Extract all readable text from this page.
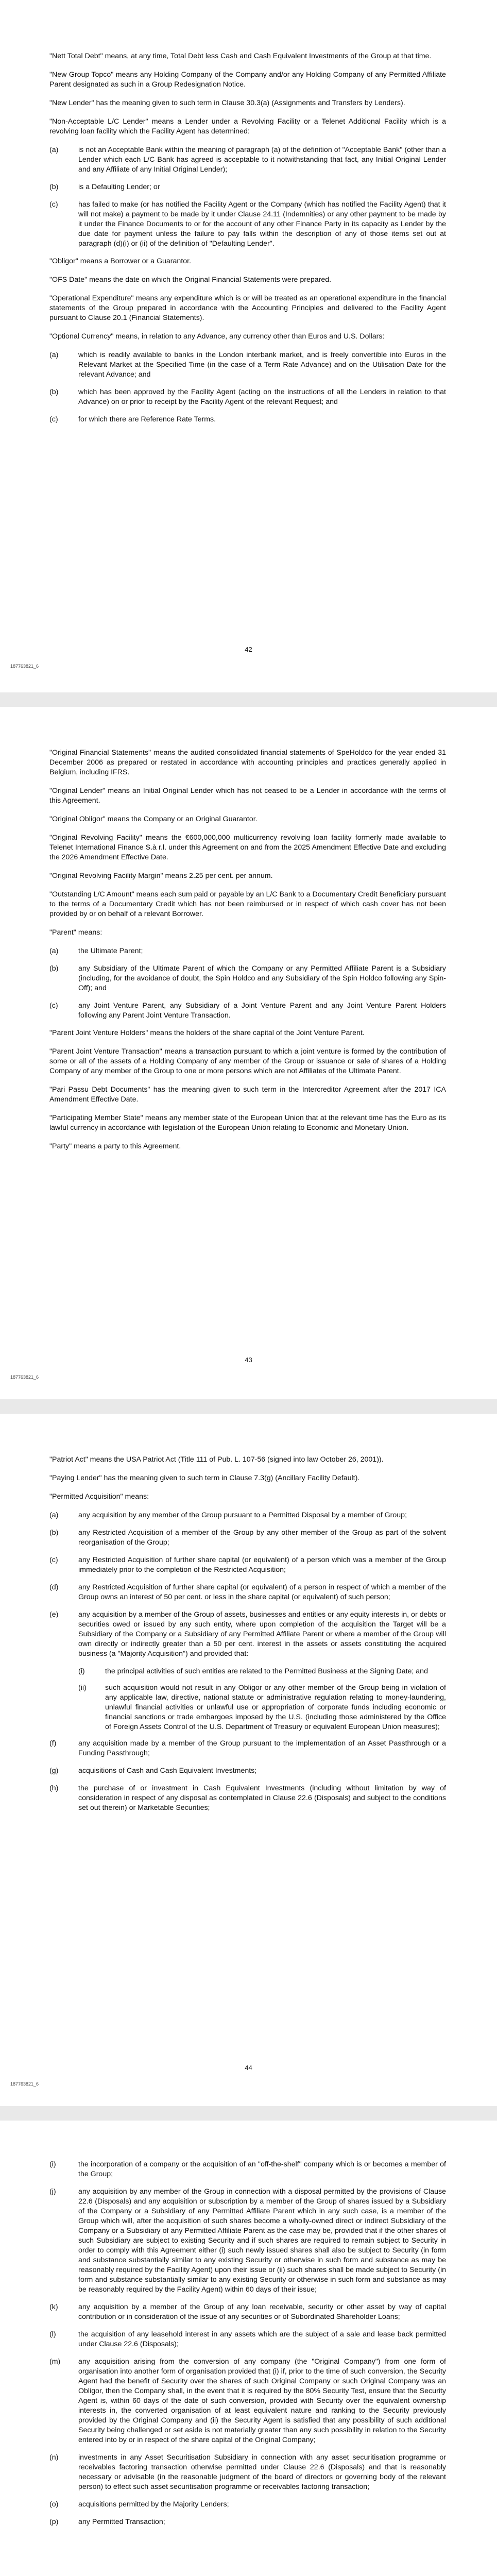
"Nett Total Debt" means, at any time, Total Debt less Cash and Cash Equivalent Investments of the Group at that time.

"New Group Topco" means any Holding Company of the Company and/or any Holding Company of any Permitted Affiliate Parent designated as such in a Group Redesignation Notice.

"New Lender" has the meaning given to such term in Clause 30.3(a) (Assignments and Transfers by Lenders).

"Non-Acceptable L/C Lender" means a Lender under a Revolving Facility or a Telenet Additional Facility which is a revolving loan facility which the Facility Agent has determined:

(a)	is not an Acceptable Bank within the meaning of paragraph (a) of the definition of "Acceptable Bank" (other than a Lender which each L/C Bank has agreed is acceptable to it notwithstanding that fact, any Initial Original Lender and any Affiliate of any Initial Original Lender);
(b)	is a Defaulting Lender; or
(c)	has failed to make (or has notified the Facility Agent or the Company (which has notified the Facility Agent) that it will not make) a payment to be made by it under Clause 24.11 (Indemnities) or any other payment to be made by it under the Finance Documents to or for the account of any other Finance Party in its capacity as Lender by the due date for payment unless the failure to pay falls within the description of any of those items set out at paragraph (d)(i) or (ii) of the definition of "Defaulting Lender".

"Obligor" means a Borrower or a Guarantor.

"OFS Date" means the date on which the Original Financial Statements were prepared.

"Operational Expenditure" means any expenditure which is or will be treated as an operational expenditure in the financial statements of the Group prepared in accordance with the Accounting Principles and delivered to the Facility Agent pursuant to Clause 20.1 (Financial Statements).

"Optional Currency" means, in relation to any Advance, any currency other than Euros and U.S. Dollars:

(a)	which is readily available to banks in the London interbank market, and is freely convertible into Euros in the Relevant Market at the Specified Time (in the case of a Term Rate Advance) and on the Utilisation Date for the relevant Advance; and
(b)	which has been approved by the Facility Agent (acting on the instructions of all the Lenders in relation to that Advance) on or prior to receipt by the Facility Agent of the relevant Request; and
(c)	for which there are Reference Rate Terms.
42
187763821_6

"Original Financial Statements" means the audited consolidated financial statements of SpeHoldco for the year ended 31 December 2006 as prepared or restated in accordance with accounting principles and practices generally applied in Belgium, including IFRS.

"Original Lender" means an Initial Original Lender which has not ceased to be a Lender in accordance with the terms of this Agreement.

"Original Obligor" means the Company or an Original Guarantor.

"Original Revolving Facility" means the €600,000,000 multicurrency revolving loan facility formerly made available to Telenet International Finance S.à r.l. under this Agreement on and from the 2025 Amendment Effective Date and excluding the 2026 Amendment Effective Date.

"Original Revolving Facility Margin" means 2.25 per cent. per annum.

"Outstanding L/C Amount" means each sum paid or payable by an L/C Bank to a Documentary Credit Beneficiary pursuant to the terms of a Documentary Credit which has not been reimbursed or in respect of which cash cover has not been provided by or on behalf of a relevant Borrower.

"Parent" means:

(a)	the Ultimate Parent;
(b)	any Subsidiary of the Ultimate Parent of which the Company or any Permitted Affiliate Parent is a Subsidiary (including, for the avoidance of doubt, the Spin Holdco and any Subsidiary of the Spin Holdco following any Spin-Off); and
(c)	any Joint Venture Parent, any Subsidiary of a Joint Venture Parent and any Joint Venture Parent Holders following any Parent Joint Venture Transaction.

"Parent Joint Venture Holders" means the holders of the share capital of the Joint Venture Parent.

"Parent Joint Venture Transaction" means a transaction pursuant to which a joint venture is formed by the contribution of some or all of the assets of a Holding Company of any member of the Group or issuance or sale of shares of a Holding Company of any member of the Group to one or more persons which are not Affiliates of the Ultimate Parent.

"Pari Passu Debt Documents" has the meaning given to such term in the Intercreditor Agreement after the 2017 ICA Amendment Effective Date.

"Participating Member State" means any member state of the European Union that at the relevant time has the Euro as its lawful currency in accordance with legislation of the European Union relating to Economic and Monetary Union.

"Party" means a party to this Agreement.

43
187763821_6

"Patriot Act" means the USA Patriot Act (Title 111 of Pub. L. 107-56 (signed into law October 26, 2001)).

"Paying Lender" has the meaning given to such term in Clause 7.3(g) (Ancillary Facility Default).

"Permitted Acquisition" means:

(a)	any acquisition by any member of the Group pursuant to a Permitted Disposal by a member of Group;
(b)	any Restricted Acquisition of a member of the Group by any other member of the Group as part of the solvent reorganisation of the Group;
(c)	any Restricted Acquisition of further share capital (or equivalent) of a person which was a member of the Group immediately prior to the completion of the Restricted Acquisition;
(d)	any Restricted Acquisition of further share capital (or equivalent) of a person in respect of which a member of the Group owns an interest of 50 per cent. or less in the share capital (or equivalent) of such person;
(e)	any acquisition by a member of the Group of assets, businesses and entities or any equity interests in, or debts or securities owed or issued by any such entity, where upon completion of the acquisition the Target will be a Subsidiary of the Company or a Subsidiary of any Permitted Affiliate Parent or where a member of the Group will own directly or indirectly greater than a 50 per cent. interest in the assets or assets constituting the acquired business (a "Majority Acquisition") and provided that:
(i)	the principal activities of such entities are related to the Permitted Business at the Signing Date; and
(ii)	such acquisition would not result in any Obligor or any other member of the Group being in violation of any applicable law, directive, national statute or administrative regulation relating to money-laundering, unlawful financial activities or unlawful use or appropriation of corporate funds including economic or financial sanctions or trade embargoes imposed by the U.S. (including those administered by the Office of Foreign Assets Control of the U.S. Department of Treasury or equivalent European Union measures);
(f)	any acquisition made by a member of the Group pursuant to the implementation of an Asset Passthrough or a Funding Passthrough;
(g)	acquisitions of Cash and Cash Equivalent Investments;
(h)	the purchase of or investment in Cash Equivalent Investments (including without limitation by way of consideration in respect of any disposal as contemplated in Clause 22.6 (Disposals) and subject to the conditions set out therein) or Marketable Securities;
44
187763821_6
(i)	the incorporation of a company or the acquisition of an "off-the-shelf" company which is or becomes a member of the Group;
(j)	any acquisition by any member of the Group in connection with a disposal permitted by the provisions of Clause 22.6 (Disposals) and any acquisition or subscription by a member of the Group of shares issued by a Subsidiary of the Company or a Subsidiary of any Permitted Affiliate Parent which in any such case, is a member of the Group which will, after the acquisition of such shares become a wholly-owned direct or indirect Subsidiary of the Company or a Subsidiary of any Permitted Affiliate Parent as the case may be, provided that if the other shares of such Subsidiary are subject to existing Security and if such shares are required to remain subject to Security in order to comply with this Agreement either (i) such newly issued shares shall also be subject to Security (in form and substance substantially similar to any existing Security or otherwise in such form and substance as may be reasonably required by the Facility Agent) upon their issue or (ii) such shares shall be made subject to Security (in form and substance substantially similar to any existing Security or otherwise in such form and substance as may be reasonably required by the Facility Agent) within 60 days of their issue;
(k)	any acquisition by a member of the Group of any loan receivable, security or other asset by way of capital contribution or in consideration of the issue of any securities or of Subordinated Shareholder Loans;
(l)	the acquisition of any leasehold interest in any assets which are the subject of a sale and lease back permitted under Clause 22.6 (Disposals);
(m)	any acquisition arising from the conversion of any company (the "Original Company") from one form of organisation into another form of organisation provided that (i) if, prior to the time of such conversion, the Security Agent had the benefit of Security over the shares of such Original Company or such Original Company was an Obligor, then the Company shall, in the event that it is required by the 80% Security Test, ensure that the Security Agent is, within 60 days of the date of such conversion, provided with Security over the equivalent ownership interests in, the converted organisation of at least equivalent nature and ranking to the Security previously provided by the Original Company and (ii) the Security Agent is satisfied that any possibility of such additional Security being challenged or set aside is not materially greater than any such possibility in relation to the Security entered into by or in respect of the share capital of the Original Company;
(n)	investments in any Asset Securitisation Subsidiary in connection with any asset securitisation programme or receivables factoring transaction otherwise permitted under Clause 22.6 (Disposals) and that is reasonably necessary or advisable (in the reasonable judgment of the board of directors or governing body of the relevant person) to effect such asset securitisation programme or receivables factoring transaction;
(o)	acquisitions permitted by the Majority Lenders;
(p)	any Permitted Transaction;
